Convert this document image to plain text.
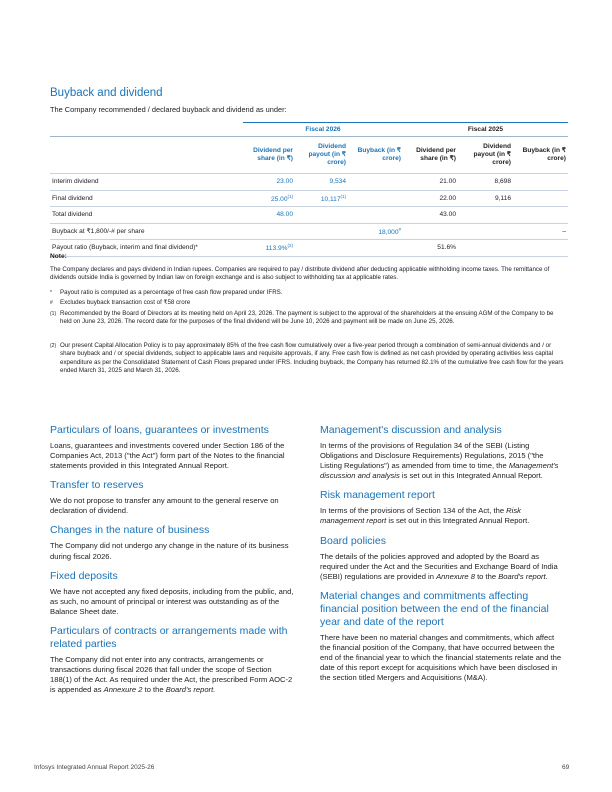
Buyback and dividend
The Company recommended / declared buyback and dividend as under:
	Fiscal 2026			Fiscal 2025		
	Dividend per share (in ₹)	Dividend payout (in ₹ crore)	Buyback (in ₹ crore)	Dividend per share (in ₹)	Dividend payout (in ₹ crore)	Buyback (in ₹ crore)
Interim dividend	23.00	9,534		21.00	8,698	
Final dividend	25.00$^{(1)}$	10,117$^{(1)}$		22.00	9,116	
Total dividend	48.00			43.00		
Buyback at ₹1,800/-# per share			18,000#			–
Payout ratio (Buyback, interim and final dividend)*	113.9%$^{(2)}$			51.6%		
Note:
The Company declares and pays dividend in Indian rupees. Companies are required to pay / distribute dividend after deducting applicable withholding income taxes. The remittance of dividends outside India is governed by Indian law on foreign exchange and is also subject to withholding tax at applicable rates.
* Payout ratio is computed as a percentage of free cash flow prepared under IFRS.
# Excludes buyback transaction cost of ₹58 crore
(1) Recommended by the Board of Directors at its meeting held on April 23, 2026. The payment is subject to the approval of the shareholders at the ensuing AGM of the Company to be held on June 23, 2026. The record date for the purposes of the final dividend will be June 10, 2026 and payment will be made on June 25, 2026.
(2) Our present Capital Allocation Policy is to pay approximately 85% of the free cash flow cumulatively over a five-year period through a combination of semi-annual dividends and / or share buyback and / or special dividends, subject to applicable laws and requisite approvals, if any. Free cash flow is defined as net cash provided by operating activities less capital expenditure as per the Consolidated Statement of Cash Flows prepared under IFRS. Including buyback, the Company has returned 82.1% of the cumulative free cash flow for the years ended March 31, 2025 and March 31, 2026.
Particulars of loans, guarantees or investments

Loans, guarantees and investments covered under Section 186 of the Companies Act, 2013 ("the Act") form part of the Notes to the financial statements provided in this Integrated Annual Report.

Transfer to reserves

We do not propose to transfer any amount to the general reserve on declaration of dividend.

Changes in the nature of business

The Company did not undergo any change in the nature of its business during fiscal 2026.

Fixed deposits

We have not accepted any fixed deposits, including from the public, and, as such, no amount of principal or interest was outstanding as of the Balance Sheet date.

Particulars of contracts or arrangements made with related parties

The Company did not enter into any contracts, arrangements or transactions during fiscal 2026 that fall under the scope of Section 188(1) of the Act. As required under the Act, the prescribed Form AOC-2 is appended as Annexure 2 to the Board's report.

Management's discussion and analysis

In terms of the provisions of Regulation 34 of the SEBI (Listing Obligations and Disclosure Requirements) Regulations, 2015 ("the Listing Regulations") as amended from time to time, the Management's discussion and analysis is set out in this Integrated Annual Report.

Risk management report

In terms of the provisions of Section 134 of the Act, the Risk management report is set out in this Integrated Annual Report.

Board policies

The details of the policies approved and adopted by the Board as required under the Act and the Securities and Exchange Board of India (SEBI) regulations are provided in Annexure 8 to the Board's report.

Material changes and commitments affecting financial position between the end of the financial year and date of the report

There have been no material changes and commitments, which affect the financial position of the Company, that have occurred between the end of the financial year to which the financial statements relate and the date of this report except for acquisitions which have been disclosed in the section titled Mergers and Acquisitions (M&A).

Infosys Integrated Annual Report 2025-26	69
